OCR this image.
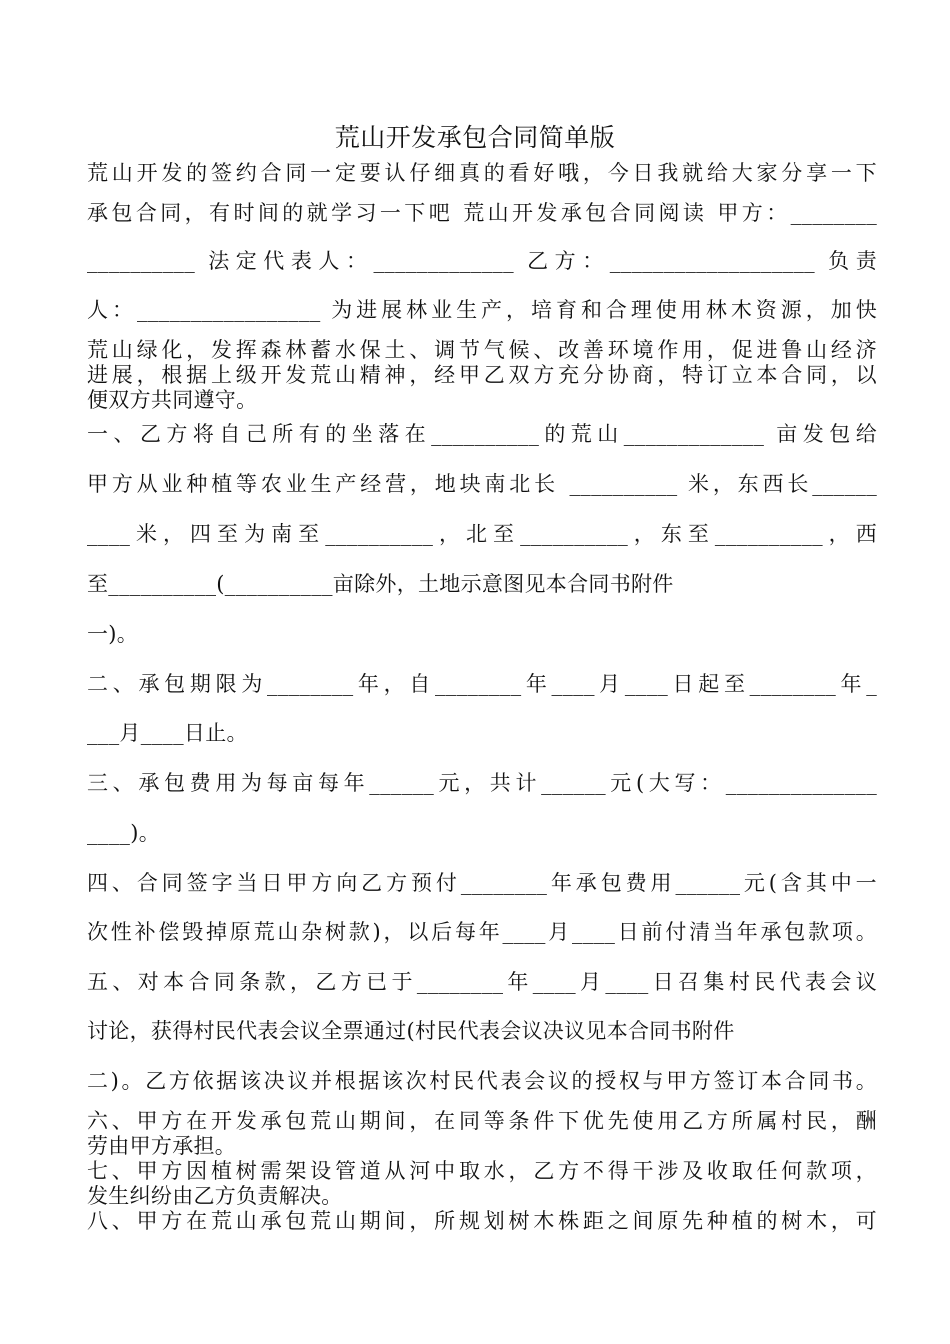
荒山开发承包合同简单版
荒山开发的签约合同一定要认仔细真的看好哦，今日我就给大家分享一下
承包合同，有时间的就学习一下吧 荒山开发承包合同阅读 甲方：________
__________ 法定代表人：_____________ 乙方：___________________ 负责
人：_________________ 为进展林业生产，培育和合理使用林木资源，加快
荒山绿化，发挥森林蓄水保土、调节气候、改善环境作用，促进鲁山经济
进展，根据上级开发荒山精神，经甲乙双方充分协商，特订立本合同，以
便双方共同遵守。
一、乙方将自己所有的坐落在__________的荒山_____________ 亩发包给
甲方从业种植等农业生产经营，地块南北长 __________ 米，东西长______
____米，四至为南至__________，北至__________，东至__________，西
至__________(__________亩除外，土地示意图见本合同书附件
一)。
二、承包期限为________年，自________年____月____日起至________年_
___月____日止。
三、承包费用为每亩每年______元，共计______元(大写：______________
____)。
四、合同签字当日甲方向乙方预付________年承包费用______元(含其中一
次性补偿毁掉原荒山杂树款)，以后每年____月____日前付清当年承包款项。
五、对本合同条款，乙方已于________年____月____日召集村民代表会议
讨论，获得村民代表会议全票通过(村民代表会议决议见本合同书附件
二)。乙方依据该决议并根据该次村民代表会议的授权与甲方签订本合同书。
六、甲方在开发承包荒山期间，在同等条件下优先使用乙方所属村民，酬
劳由甲方承担。
七、甲方因植树需架设管道从河中取水，乙方不得干涉及收取任何款项，
发生纠纷由乙方负责解决。
八、甲方在荒山承包荒山期间，所规划树木株距之间原先种植的树木，可
